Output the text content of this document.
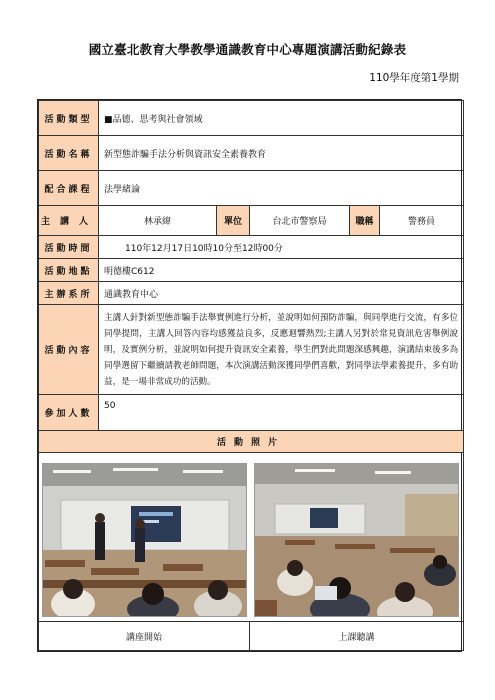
國立臺北教育大學教學通識教育中心專題演講活動紀錄表
110學年度第1學期
活動類型	■品德、思考與社會領域				
活動名稱	新型態詐騙手法分析與資訊安全素養教育				
配合課程	法學緒論				
主講人	林承緯	單位	台北市警察局	職稱	警務員
活動時間	110年12月17日10時10分至12時00分				
活動地點	明德樓C612				
主辦系所	通識教育中心				
活動內容	主講人針對新型態詐騙手法舉實例進行分析，並說明如何預防詐騙，與同學進行交流，有多位同學提問，主講人回答內容均感獲益良多，反應迴響熱烈;主講人另對於常見資訊危害舉例說明，及實例分析，並說明如何提升資訊安全素養，學生們對此問題深感興趣，演講結束後多為同學選留下繼續請教老師問題，本次演講活動深獲同學們喜歡，對同學法學素養提升，多有助益，是一場非常成功的活動。				
參加人數	50				
活動照片					

講座開始			上課聽講		
